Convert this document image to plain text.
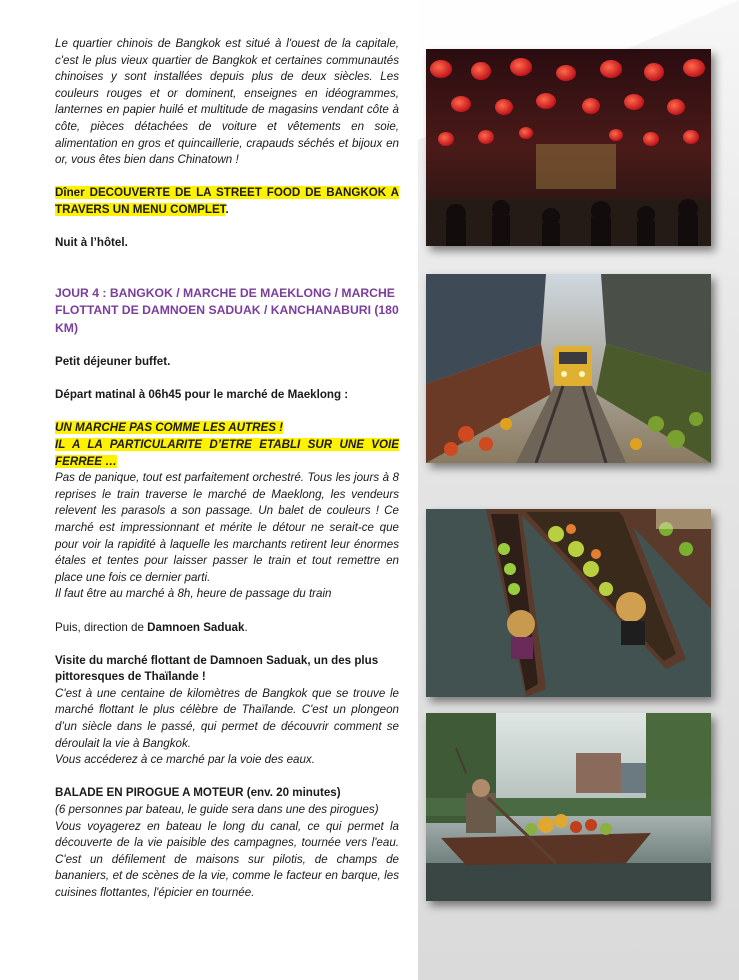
Le quartier chinois de Bangkok est situé à l'ouest de la capitale, c'est le plus vieux quartier de Bangkok et certaines communautés chinoises y sont installées depuis plus de deux siècles. Les couleurs rouges et or dominent, enseignes en idéogrammes, lanternes en papier huilé et multitude de magasins vendant côte à côte, pièces détachées de voiture et vêtements en soie, alimentation en gros et quincaillerie, crapauds séchés et bijoux en or, vous êtes bien dans Chinatown !

Dîner DECOUVERTE DE LA STREET FOOD DE BANGKOK A TRAVERS UN MENU COMPLET.

Nuit à l’hôtel.

JOUR 4 : BANGKOK / MARCHE DE MAEKLONG / MARCHE FLOTTANT DE DAMNOEN SADUAK / KANCHANABURI (180 KM)

Petit déjeuner buffet.

Départ matinal à 06h45 pour le marché de Maeklong :

UN MARCHE PAS COMME LES AUTRES !
IL A LA PARTICULARITE D’ETRE ETABLI SUR UNE VOIE FERREE …

Pas de panique, tout est parfaitement orchestré. Tous les jours à 8 reprises le train traverse le marché de Maeklong, les vendeurs relevent les parasols a son passage. Un balet de couleurs ! Ce marché est impressionnant et mérite le détour ne serait-ce que pour voir la rapidité à laquelle les marchants retirent leur énormes étales et tentes pour laisser passer le train et tout remettre en place une fois ce dernier parti.

Il faut être au marché à 8h, heure de passage du train

Puis, direction de Damnoen Saduak.

Visite du marché flottant de Damnoen Saduak, un des plus pittoresques de Thaïlande !

C'est à une centaine de kilomètres de Bangkok que se trouve le marché flottant le plus célèbre de Thaïlande. C'est un plongeon d’un siècle dans le passé, qui permet de découvrir comment se déroulait la vie à Bangkok.

Vous accéderez à ce marché par la voie des eaux.

BALADE EN PIROGUE A MOTEUR (env. 20 minutes)

(6 personnes par bateau, le guide sera dans une des pirogues)

Vous voyagerez en bateau le long du canal, ce qui permet la découverte de la vie paisible des campagnes, tournée vers l'eau. C'est un défilement de maisons sur pilotis, de champs de bananiers, et de scènes de la vie, comme le facteur en barque, les cuisines flottantes, l'épicier en tournée.
